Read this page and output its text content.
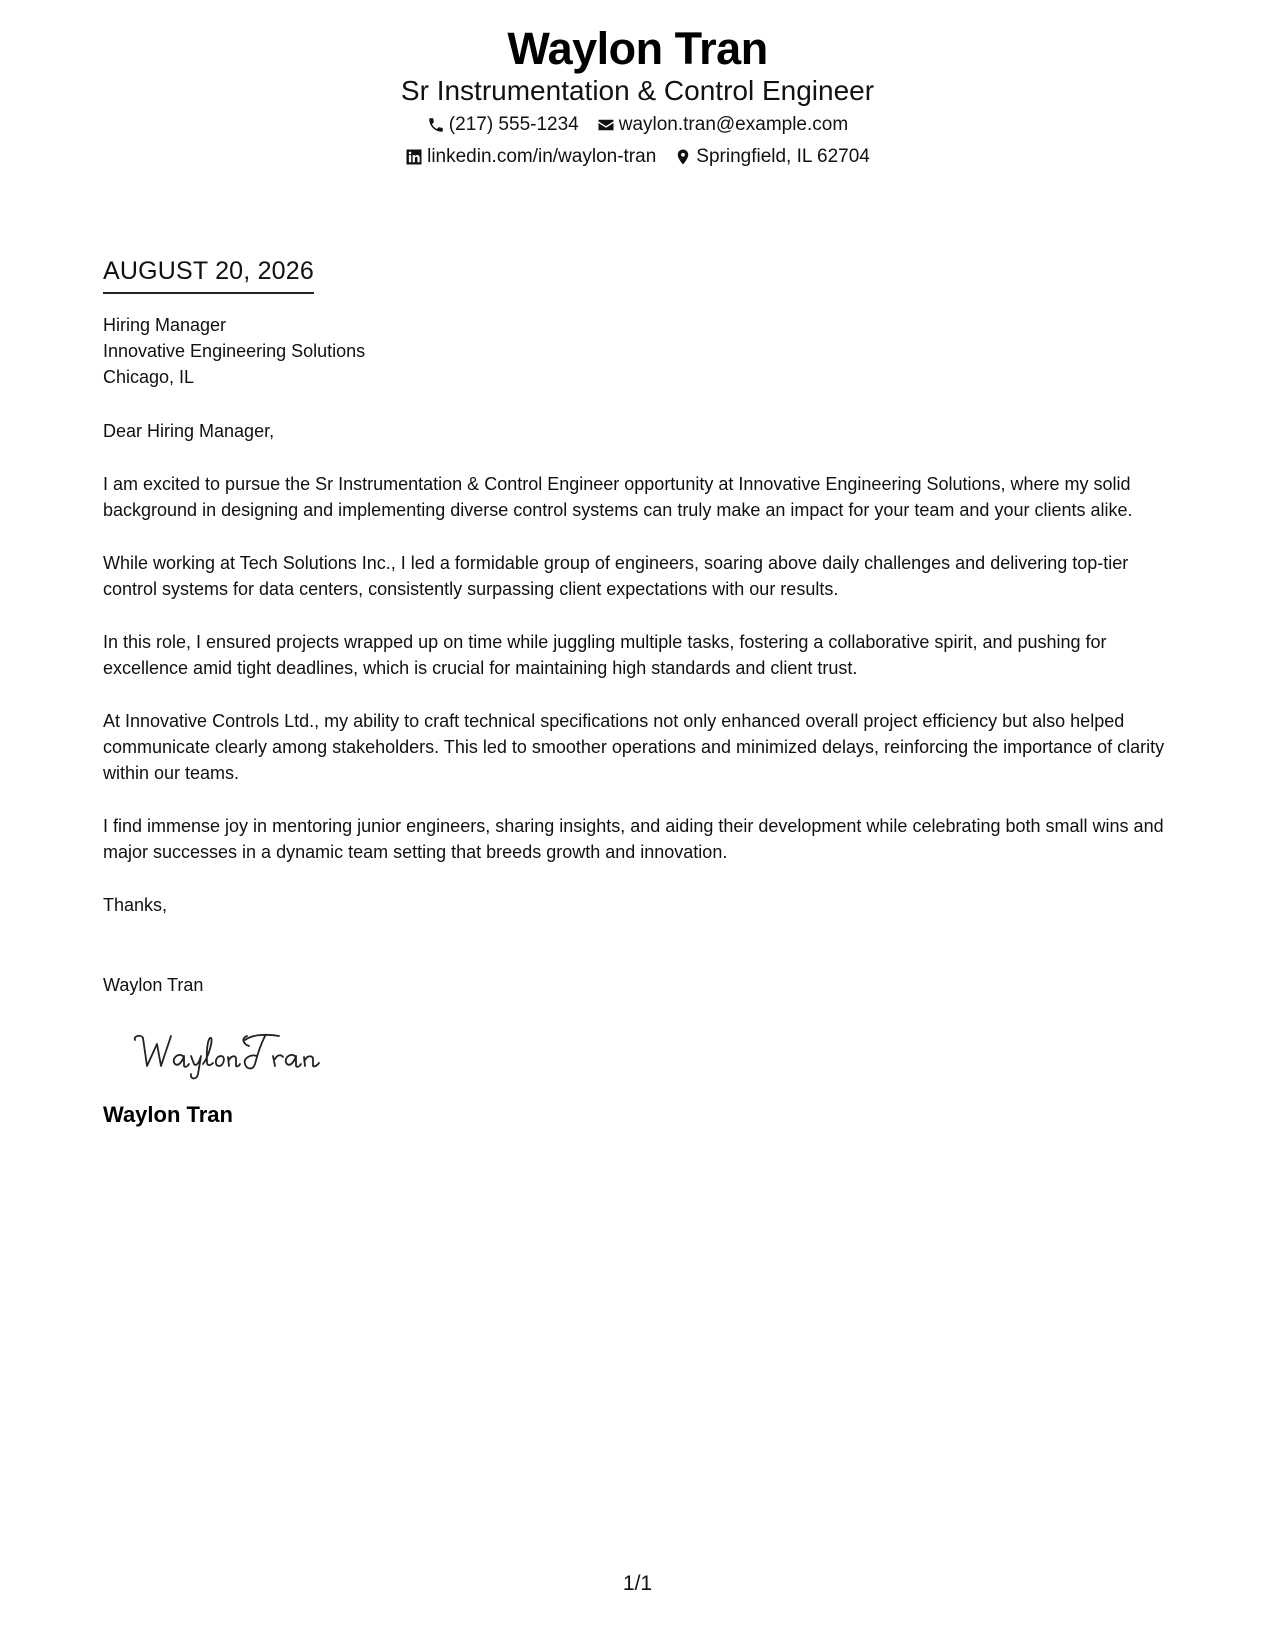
Waylon Tran
Sr Instrumentation & Control Engineer
(217) 555-1234 waylon.tran@example.com
linkedin.com/in/waylon-tran Springfield, IL 62704
AUGUST 20, 2026
Hiring Manager
Innovative Engineering Solutions
Chicago, IL
Dear Hiring Manager,
I am excited to pursue the Sr Instrumentation & Control Engineer opportunity at Innovative Engineering Solutions, where my solid background in designing and implementing diverse control systems can truly make an impact for your team and your clients alike.
While working at Tech Solutions Inc., I led a formidable group of engineers, soaring above daily challenges and delivering top-tier control systems for data centers, consistently surpassing client expectations with our results.
In this role, I ensured projects wrapped up on time while juggling multiple tasks, fostering a collaborative spirit, and pushing for excellence amid tight deadlines, which is crucial for maintaining high standards and client trust.
At Innovative Controls Ltd., my ability to craft technical specifications not only enhanced overall project efficiency but also helped communicate clearly among stakeholders. This led to smoother operations and minimized delays, reinforcing the importance of clarity within our teams.
I find immense joy in mentoring junior engineers, sharing insights, and aiding their development while celebrating both small wins and major successes in a dynamic team setting that breeds growth and innovation.
Thanks,
Waylon Tran
Waylon Tran
1/1
